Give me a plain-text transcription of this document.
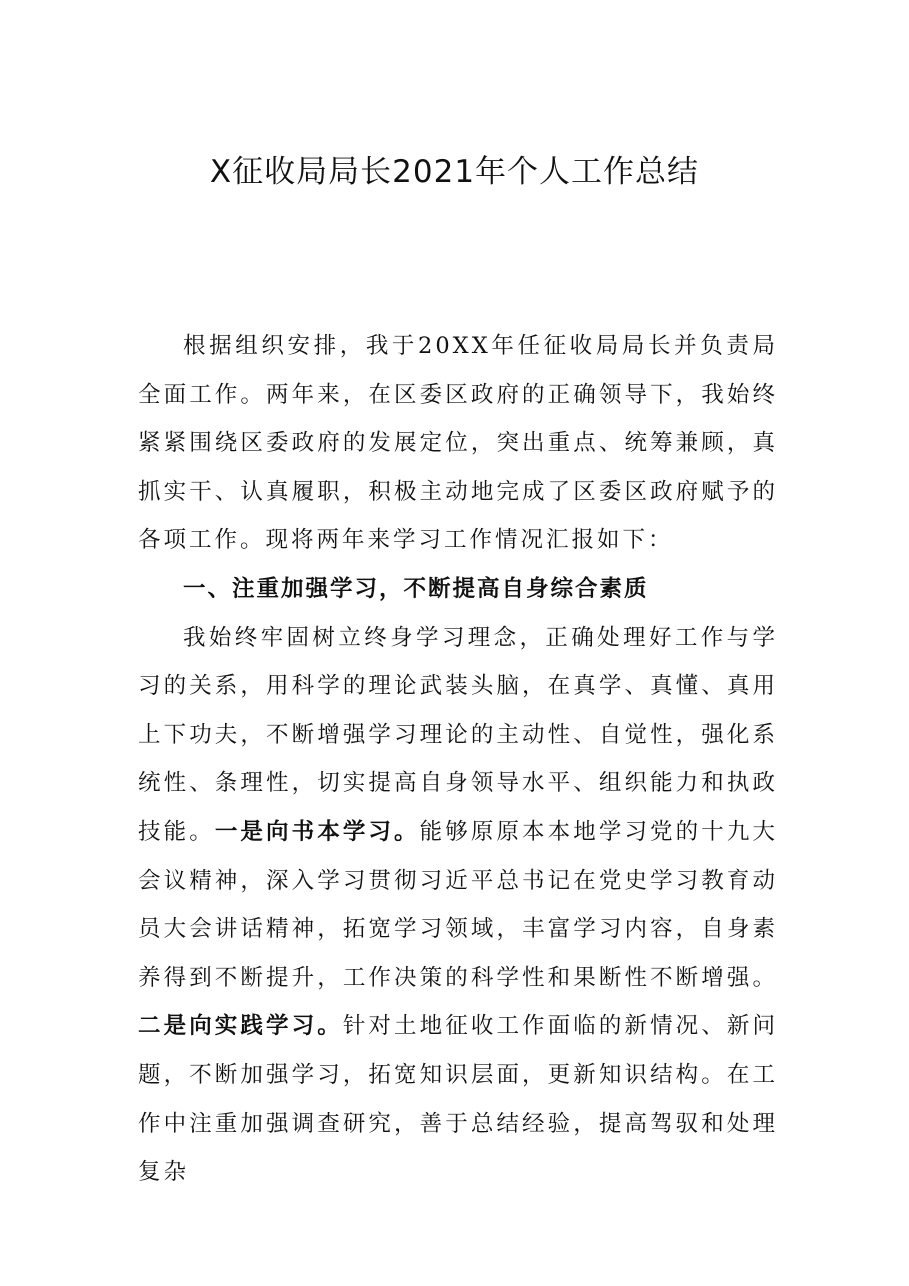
X征收局局长2021年个人工作总结

根据组织安排，我于20XX年任征收局局长并负责局全面工作。两年来，在区委区政府的正确领导下，我始终紧紧围绕区委政府的发展定位，突出重点、统筹兼顾，真抓实干、认真履职，积极主动地完成了区委区政府赋予的各项工作。现将两年来学习工作情况汇报如下：

一、注重加强学习，不断提高自身综合素质

我始终牢固树立终身学习理念，正确处理好工作与学习的关系，用科学的理论武装头脑，在真学、真懂、真用上下功夫，不断增强学习理论的主动性、自觉性，强化系统性、条理性，切实提高自身领导水平、组织能力和执政技能。一是向书本学习。能够原原本本地学习党的十九大会议精神，深入学习贯彻习近平总书记在党史学习教育动员大会讲话精神，拓宽学习领域，丰富学习内容，自身素养得到不断提升，工作决策的科学性和果断性不断增强。二是向实践学习。针对土地征收工作面临的新情况、新问题，不断加强学习，拓宽知识层面，更新知识结构。在工作中注重加强调查研究，善于总结经验，提高驾驭和处理复杂
